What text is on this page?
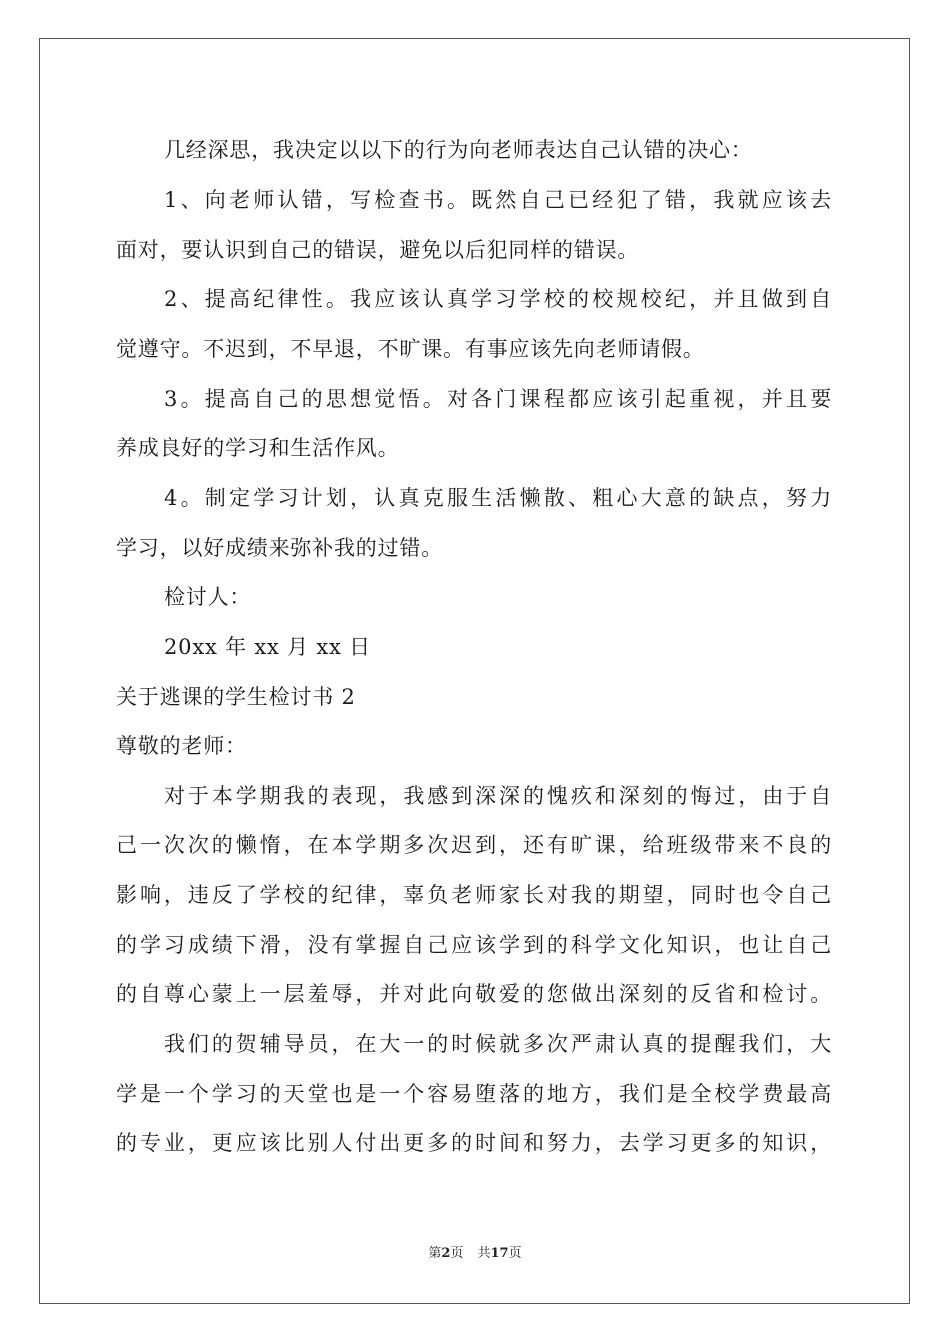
几经深思，我决定以以下的行为向老师表达自己认错的决心：
1、向老师认错，写检查书。既然自己已经犯了错，我就应该去
面对，要认识到自己的错误，避免以后犯同样的错误。
2、提高纪律性。我应该认真学习学校的校规校纪，并且做到自
觉遵守。不迟到，不早退，不旷课。有事应该先向老师请假。
3。提高自己的思想觉悟。对各门课程都应该引起重视，并且要
养成良好的学习和生活作风。
4。制定学习计划，认真克服生活懒散、粗心大意的缺点，努力
学习，以好成绩来弥补我的过错。
检讨人：
20xx 年 xx 月 xx 日
关于逃课的学生检讨书 2
尊敬的老师：
对于本学期我的表现，我感到深深的愧疚和深刻的悔过，由于自
己一次次的懒惰，在本学期多次迟到，还有旷课，给班级带来不良的
影响，违反了学校的纪律，辜负老师家长对我的期望，同时也令自己
的学习成绩下滑，没有掌握自己应该学到的科学文化知识，也让自己
的自尊心蒙上一层羞辱，并对此向敬爱的您做出深刻的反省和检讨。
我们的贺辅导员，在大一的时候就多次严肃认真的提醒我们，大
学是一个学习的天堂也是一个容易堕落的地方，我们是全校学费最高
的专业，更应该比别人付出更多的时间和努力，去学习更多的知识，
第2页 共17页
